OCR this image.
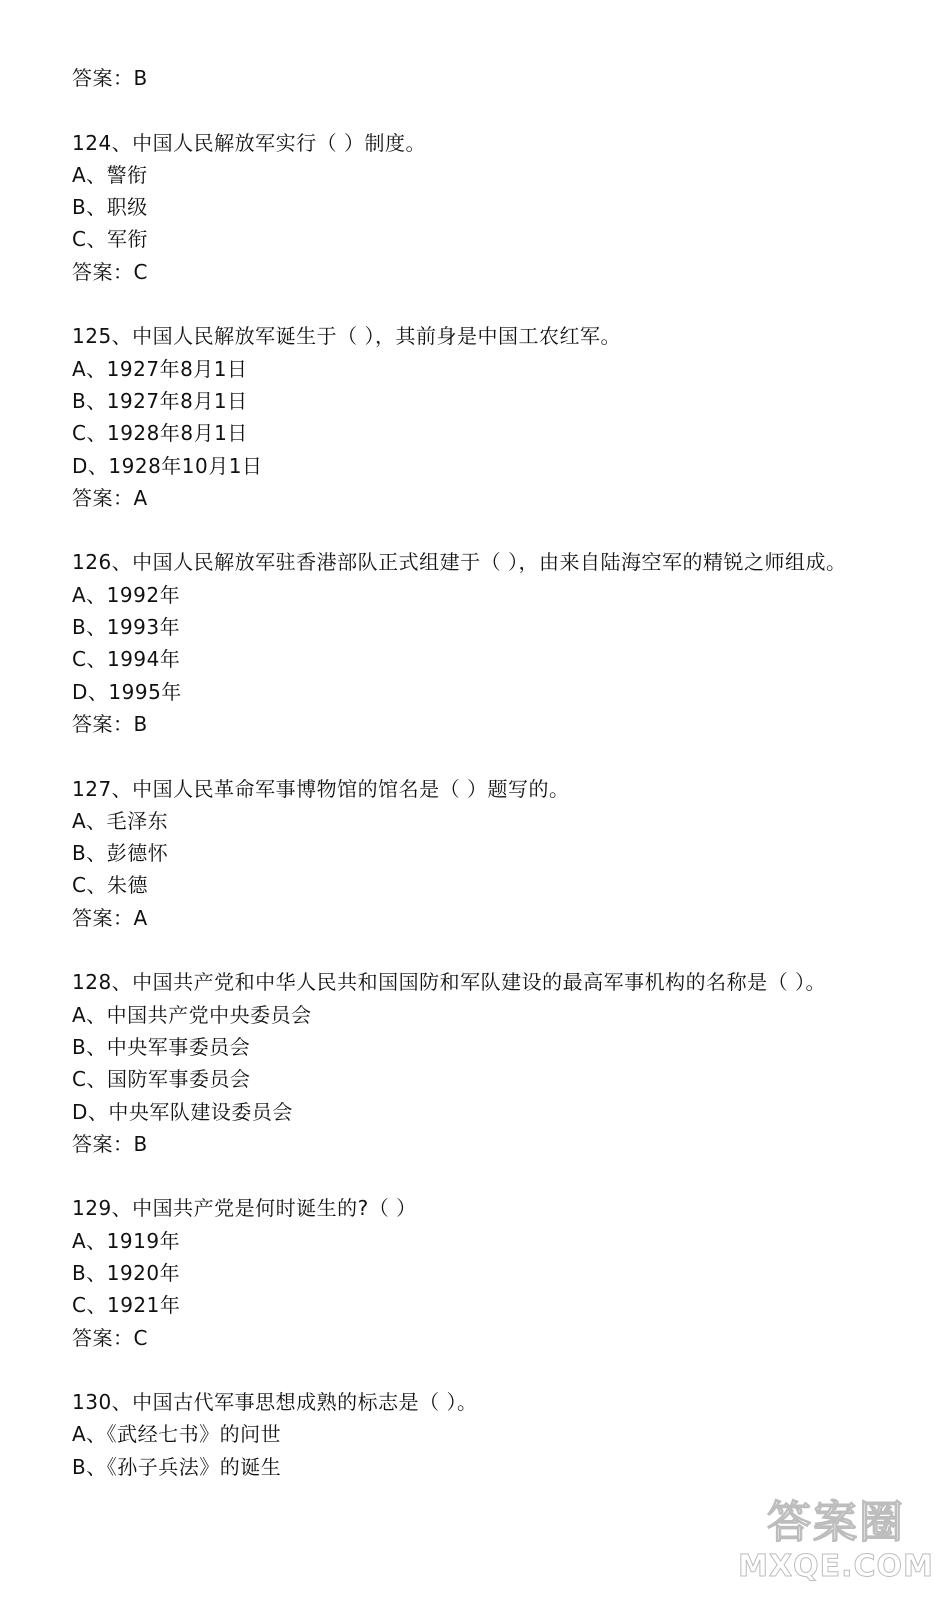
答案：B
124、中国人民解放军实行（ ）制度。
A、警衔
B、职级
C、军衔
答案：C
125、中国人民解放军诞生于（ ），其前身是中国工农红军。
A、1927年8月1日
B、1927年8月1日
C、1928年8月1日
D、1928年10月1日
答案：A
126、中国人民解放军驻香港部队正式组建于（ ），由来自陆海空军的精锐之师组成。
A、1992年
B、1993年
C、1994年
D、1995年
答案：B
127、中国人民革命军事博物馆的馆名是（ ）题写的。
A、毛泽东
B、彭德怀
C、朱德
答案：A
128、中国共产党和中华人民共和国国防和军队建设的最高军事机构的名称是（ ）。
A、中国共产党中央委员会
B、中央军事委员会
C、国防军事委员会
D、中央军队建设委员会
答案：B
129、中国共产党是何时诞生的?（ ）
A、1919年
B、1920年
C、1921年
答案：C
130、中国古代军事思想成熟的标志是（ ）。
A、《武经七书》的问世
B、《孙子兵法》的诞生
答案圈
MXQE.COM
